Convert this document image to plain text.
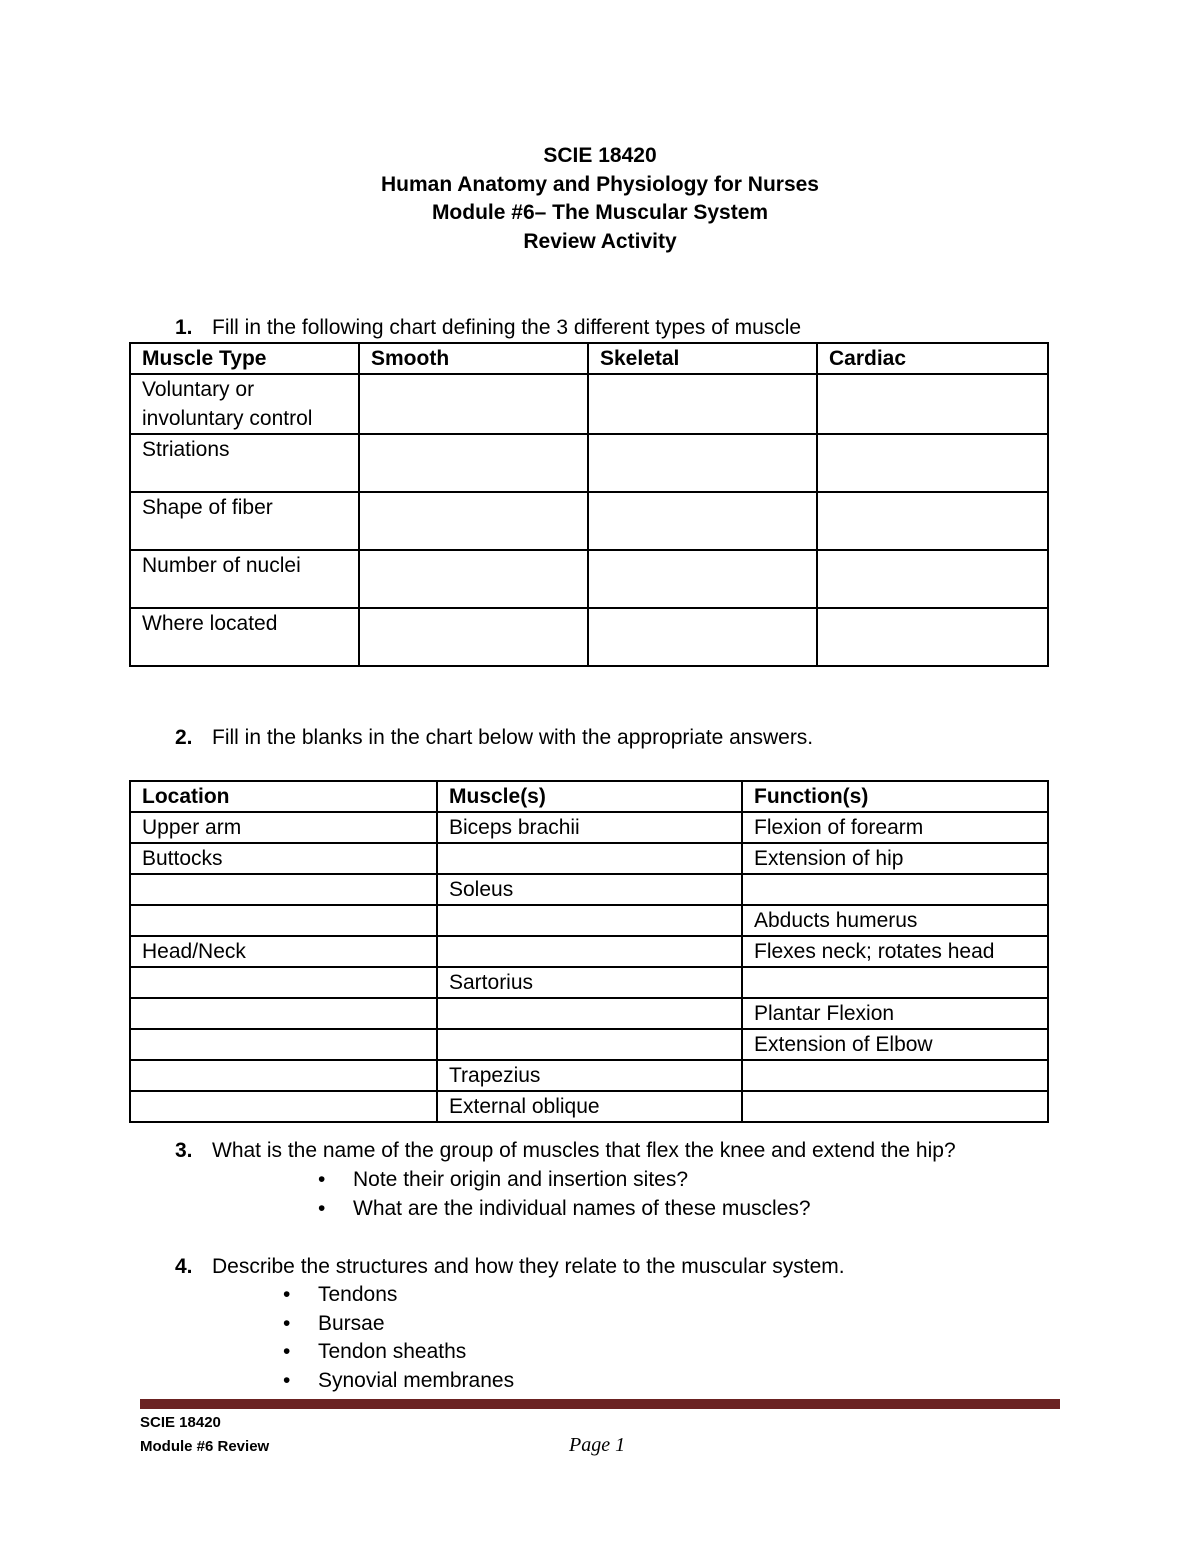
SCIE 18420
Human Anatomy and Physiology for Nurses
Module #6– The Muscular System
Review Activity
1. Fill in the following chart defining the 3 different types of muscle
Muscle Type	Smooth	Skeletal	Cardiac
Voluntary or involuntary control			
Striations			
Shape of fiber			
Number of nuclei			
Where located			
2. Fill in the blanks in the chart below with the appropriate answers.
Location	Muscle(s)	Function(s)
Upper arm	Biceps brachii	Flexion of forearm
Buttocks		Extension of hip
	Soleus	
		Abducts humerus
Head/Neck		Flexes neck; rotates head
	Sartorius	
		Plantar Flexion
		Extension of Elbow
	Trapezius	
	External oblique	
3. What is the name of the group of muscles that flex the knee and extend the hip?
• Note their origin and insertion sites?
• What are the individual names of these muscles?
4. Describe the structures and how they relate to the muscular system.
• Tendons
• Bursae
• Tendon sheaths
• Synovial membranes
SCIE 18420
Module #6 Review	Page 1
